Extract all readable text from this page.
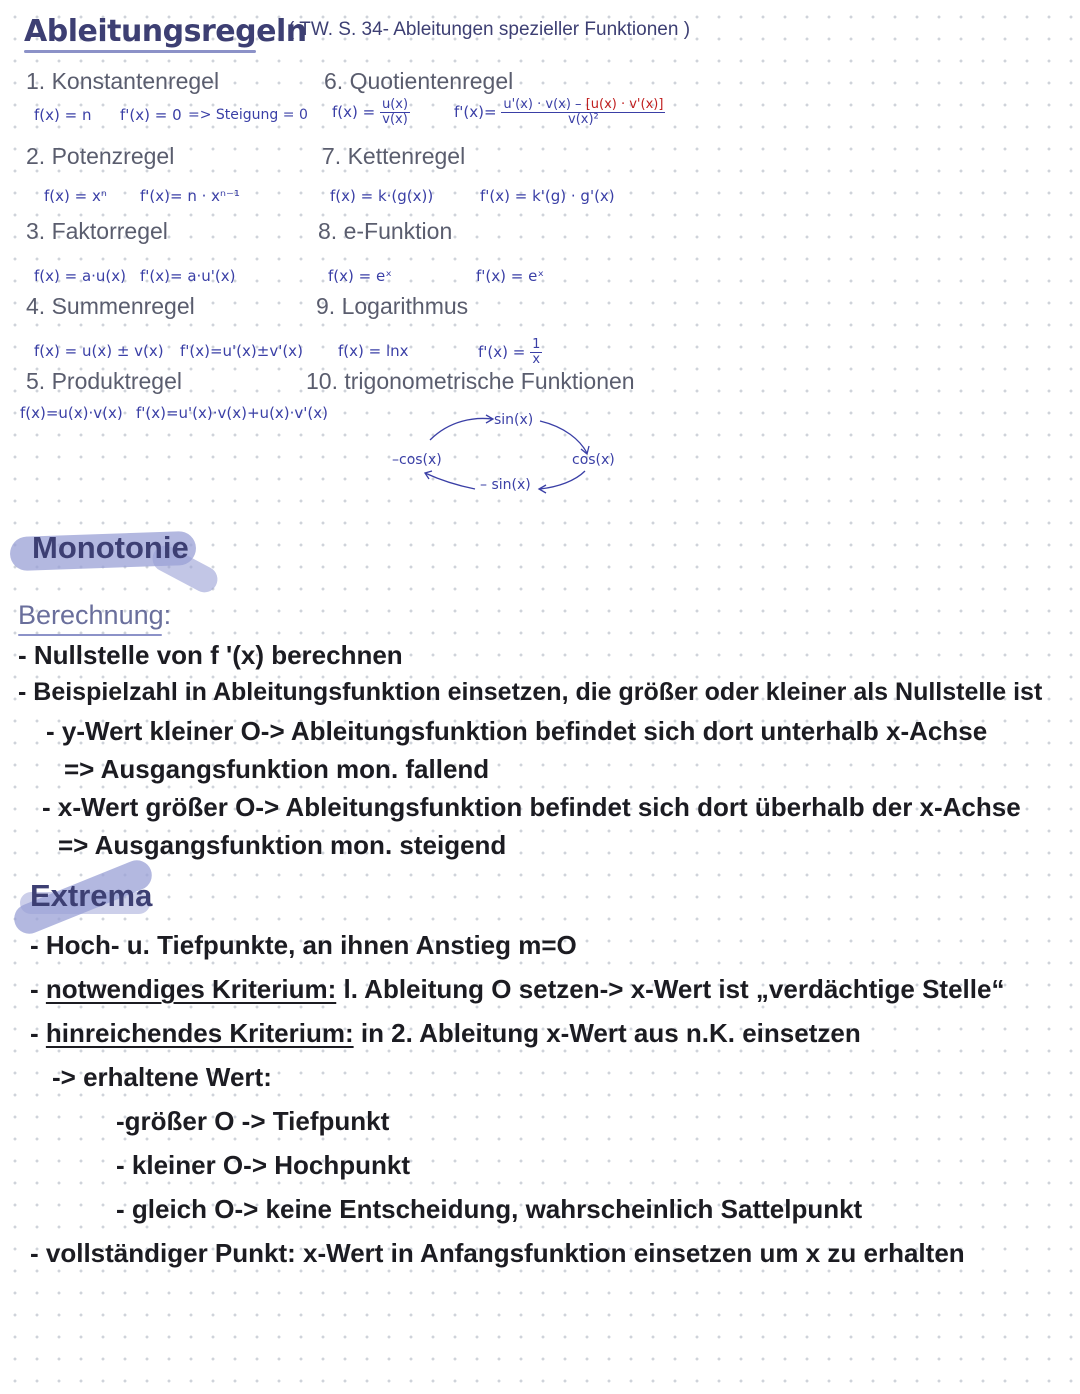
Ableitungsregeln
( TW. S. 34- Ableitungen spezieller Funktionen )
1. Konstantenregel
f(x) = n f'(x) = 0 => Steigung = 0
2. Potenzregel
f(x) = xⁿ f'(x)= n · xⁿ⁻¹
3. Faktorregel
f(x) = a·u(x) f'(x)= a·u'(x)
4. Summenregel
f(x) = u(x) ± v(x) f'(x)=u'(x)±v'(x)
5. Produktregel
f(x)=u(x)·v(x) f'(x)=u'(x)·v(x)+u(x)·v'(x)
6. Quotientenregel
$f(x) = \frac{u(x)}{v(x)}$	$f'(x)= \frac{u'(x) \cdot v(x) - [u(x) \cdot v'(x)]}{\text{v(x)²}}$
7. Kettenregel
f(x) = k·(g(x))	f'(x) = k'(g) · g'(x)
8. e-Funktion
f(x) = eˣ	f'(x) = eˣ
9. Logarithmus
f(x) = lnx	$f'(x) = \frac{1}{x}$
10. trigonometrische Funktionen
sin(x)
cos(x)
– sin(x)
–cos(x)
Monotonie
Berechnung:
- Nullstelle von f '(x) berechnen
- Beispielzahl in Ableitungsfunktion einsetzen, die größer oder kleiner als Nullstelle ist
- y-Wert kleiner O-> Ableitungsfunktion befindet sich dort unterhalb x-Achse
=> Ausgangsfunktion mon. fallend
- x-Wert größer O-> Ableitungsfunktion befindet sich dort überhalb der x-Achse
=> Ausgangsfunktion mon. steigend
Extrema
- Hoch- u. Tiefpunkte, an ihnen Anstieg m=O
- notwendiges Kriterium: l. Ableitung O setzen-> x-Wert ist „verdächtige Stelle“
- hinreichendes Kriterium: in 2. Ableitung x-Wert aus n.K. einsetzen
-> erhaltene Wert:
-größer O -> Tiefpunkt
- kleiner O-> Hochpunkt
- gleich O-> keine Entscheidung, wahrscheinlich Sattelpunkt
- vollständiger Punkt: x-Wert in Anfangsfunktion einsetzen um x zu erhalten
